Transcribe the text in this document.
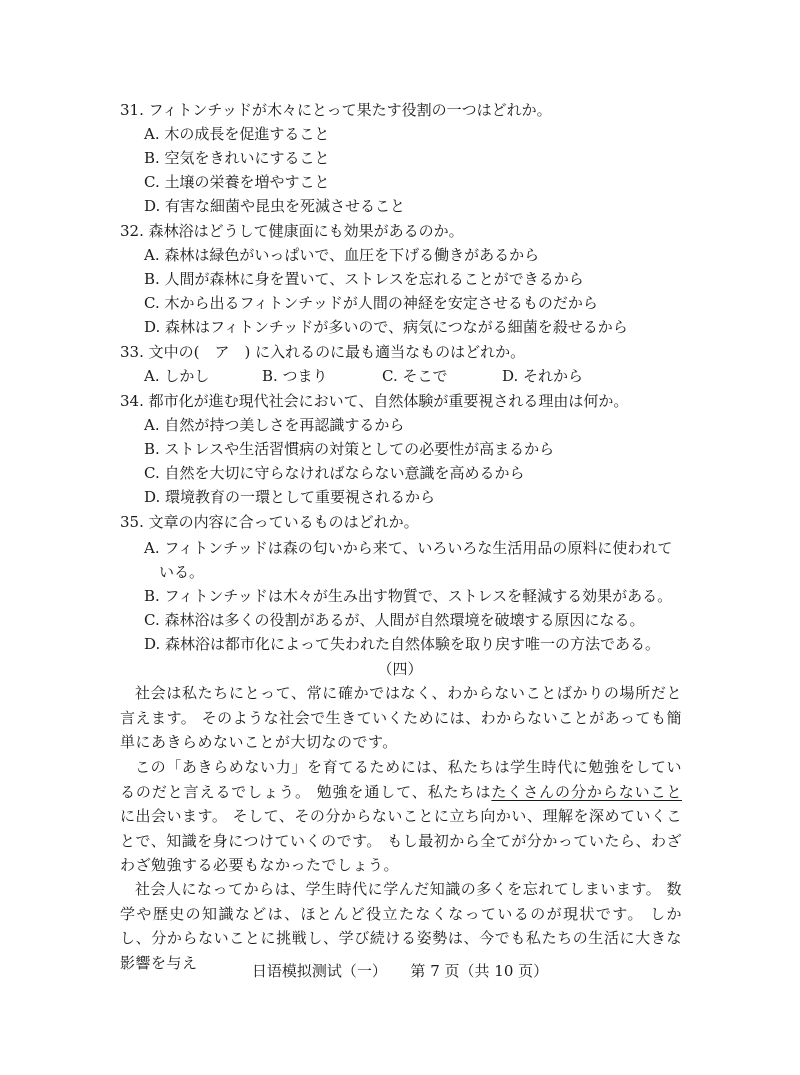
31. フィトンチッドが木々にとって果たす役割の一つはどれか。
A. 木の成長を促進すること
B. 空気をきれいにすること
C. 土壌の栄養を増やすこと
D. 有害な細菌や昆虫を死滅させること
32. 森林浴はどうして健康面にも効果があるのか。
A. 森林は緑色がいっぱいで、血圧を下げる働きがあるから
B. 人間が森林に身を置いて、ストレスを忘れることができるから
C. 木から出るフィトンチッドが人間の神経を安定させるものだから
D. 森林はフィトンチッドが多いので、病気につながる細菌を殺せるから
33. 文中の(　ア　) に入れるのに最も適当なものはどれか。
A. しかし	B. つまり	C. そこで	D. それから
34. 都市化が進む現代社会において、自然体験が重要視される理由は何か。
A. 自然が持つ美しさを再認識するから
B. ストレスや生活習慣病の対策としての必要性が高まるから
C. 自然を大切に守らなければならない意識を高めるから
D. 環境教育の一環として重要視されるから
35. 文章の内容に合っているものはどれか。
A. フィトンチッドは森の匂いから来て、いろいろな生活用品の原料に使われて
いる。
B. フィトンチッドは木々が生み出す物質で、ストレスを軽減する効果がある。
C. 森林浴は多くの役割があるが、人間が自然環境を破壊する原因になる。
D. 森林浴は都市化によって失われた自然体験を取り戻す唯一の方法である。
（四）
社会は私たちにとって、常に確かではなく、わからないことばかりの場所だと言えます。 そのような社会で生きていくためには、わからないことがあっても簡単にあきらめないことが大切なのです。
この「あきらめない力」を育てるためには、私たちは学生時代に勉強をしているのだと言えるでしょう。 勉強を通して、私たちはたくさんの分からないことに出会います。 そして、その分からないことに立ち向かい、理解を深めていくことで、知識を身につけていくのです。 もし最初から全てが分かっていたら、わざわざ勉強する必要もなかったでしょう。
社会人になってからは、学生時代に学んだ知識の多くを忘れてしまいます。 数学や歴史の知識などは、ほとんど役立たなくなっているのが現状です。 しかし、分からないことに挑戦し、学び続ける姿勢は、今でも私たちの生活に大きな影響を与え	日语模拟测试（一） 第 7 页（共 10 页）
